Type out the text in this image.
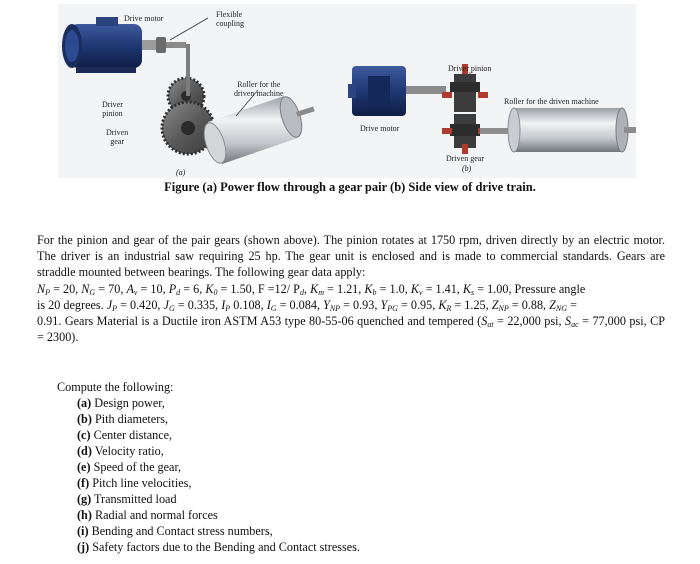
Drive motor	Flexible
coupling
Roller for the
driven machine
Driver
pinion
Driven
gear
(a)
Driver pinion
Roller for the driven machine
Drive motor
Driven gear
(b)
Figure (a) Power flow through a gear pair (b) Side view of drive train.

For the pinion and gear of the pair gears (shown above). The pinion rotates at 1750 rpm, driven directly by an electric motor. The driver is an industrial saw requiring 25 hp. The gear unit is enclosed and is made to commercial standards. Gears are straddle mounted between bearings. The following gear data apply:

$N_P = 20$, $N_G = 70$, $A_v = 10$, $P_d = 6$, $K_0 = 1.50$, F =12/ $P_d$, $K_m = 1.21$, $K_b = 1.0$, $K_v = 1.41$, $K_s = 1.00$, Pressure angle

is 20 degrees. $J_P = 0.420$, $J_G = 0.335$, $I_P$ 0.108, $I_G = 0.084$, $Y_{NP} = 0.93$, $Y_{PG} = 0.95$, $K_R = 1.25$, $Z_{NP} = 0.88$, $Z_{NG}$ =

0.91. Gears Material is a Ductile iron ASTM A53 type 80-55-06 quenched and tempered ($S_{at} = 22,000$ psi, $S_{ac} = 77,000$ psi, CP = 2300).

Compute the following:

(a) Design power,
(b) Pith diameters,
(c) Center distance,
(d) Velocity ratio,
(e) Speed of the gear,
(f) Pitch line velocities,
(g) Transmitted load
(h) Radial and normal forces
(i) Bending and Contact stress numbers,
(j) Safety factors due to the Bending and Contact stresses.
